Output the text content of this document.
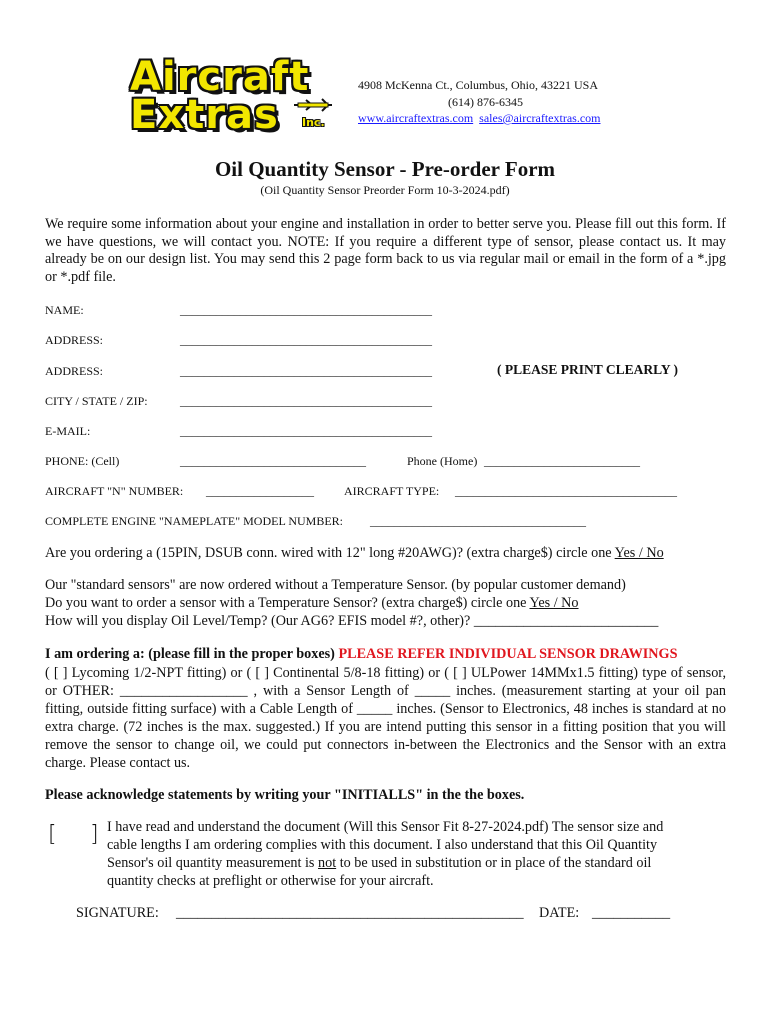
Aircraft
Extras Inc.
4908 McKenna Ct., Columbus, Ohio, 43221 USA
(614) 876-6345
www.aircraftextras.com sales@aircraftextras.com
Oil Quantity Sensor - Pre-order Form
(Oil Quantity Sensor Preorder Form 10-3-2024.pdf)
We require some information about your engine and installation in order to better serve you. Please fill out this form. If we have questions, we will contact you. NOTE: If you require a different type of sensor, please contact us. It may already be on our design list. You may send this 2 page form back to us via regular mail or email in the form of a *.jpg or *.pdf file.
NAME:	__________________________________________
ADDRESS:	__________________________________________
ADDRESS:	__________________________________________	( PLEASE PRINT CLEARLY )
CITY / STATE / ZIP:	__________________________________________
E-MAIL:	__________________________________________
PHONE: (Cell)	_______________________________	Phone (Home) __________________________
AIRCRAFT "N" NUMBER: __________________	AIRCRAFT TYPE: _____________________________________
COMPLETE ENGINE "NAMEPLATE" MODEL NUMBER: ____________________________________
Are you ordering a (15PIN, DSUB conn. wired with 12" long #20AWG)? (extra charge$) circle one Yes / No
Our "standard sensors" are now ordered without a Temperature Sensor. (by popular customer demand)
Do you want to order a sensor with a Temperature Sensor? (extra charge$) circle one Yes / No
How will you display Oil Level/Temp? (Our AG6? EFIS model #?, other)? __________________________
I am ordering a: (please fill in the proper boxes) PLEASE REFER INDIVIDUAL SENSOR DRAWINGS
( [ ] Lycoming 1/2-NPT fitting) or ( [ ] Continental 5/8-18 fitting) or ( [ ] ULPower 14MMx1.5 fitting) type of sensor, or OTHER: __________________ , with a Sensor Length of _____ inches. (measurement starting at your oil pan fitting, outside fitting surface) with a Cable Length of _____ inches. (Sensor to Electronics, 48 inches is standard at no extra charge. (72 inches is the max. suggested.) If you are intend putting this sensor in a fitting position that you will remove the sensor to change oil, we could put connectors in-between the Electronics and the Sensor with an extra charge. Please contact us.
Please acknowledge statements by writing your "INITIALLS" in the the boxes.
[ ] I have read and understand the document (Will this Sensor Fit 8-27-2024.pdf) The sensor size and
cable lengths I am ordering complies with this document. I also understand that this Oil Quantity
Sensor's oil quantity measurement is not to be used in substitution or in place of the standard oil
quantity checks at preflight or otherwise for your aircraft.
SIGNATURE: _________________________________________________ DATE: ___________
